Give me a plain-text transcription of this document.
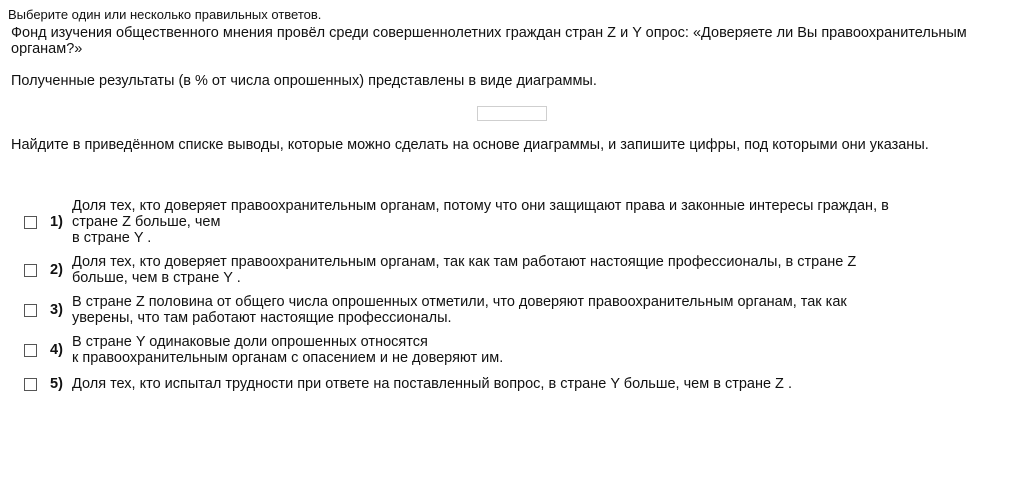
Выберите один или несколько правильных ответов.

Фонд изучения общественного мнения провёл среди совершеннолетних граждан стран Z и Y опрос: «Доверяете ли Вы правоохранительным органам?»

Полученные результаты (в % от числа опрошенных) представлены в виде диаграммы.

Найдите в приведённом списке выводы, которые можно сделать на основе диаграммы, и запишите цифры, под которыми они указаны.

1)
Доля тех, кто доверяет правоохранительным органам, потому что они защищают права и законные интересы граждан, в
стране Z больше, чем
в стране Y .
2) Доля тех, кто доверяет правоохранительным органам, так как там работают настоящие профессионалы, в стране Z
больше, чем в стране Y .
3) В стране Z половина от общего числа опрошенных отметили, что доверяют правоохранительным органам, так как
уверены, что там работают настоящие профессионалы.
4) В стране Y одинаковые доли опрошенных относятся
к правоохранительным органам с опасением и не доверяют им.
5) Доля тех, кто испытал трудности при ответе на поставленный вопрос, в стране Y больше, чем в стране Z .
